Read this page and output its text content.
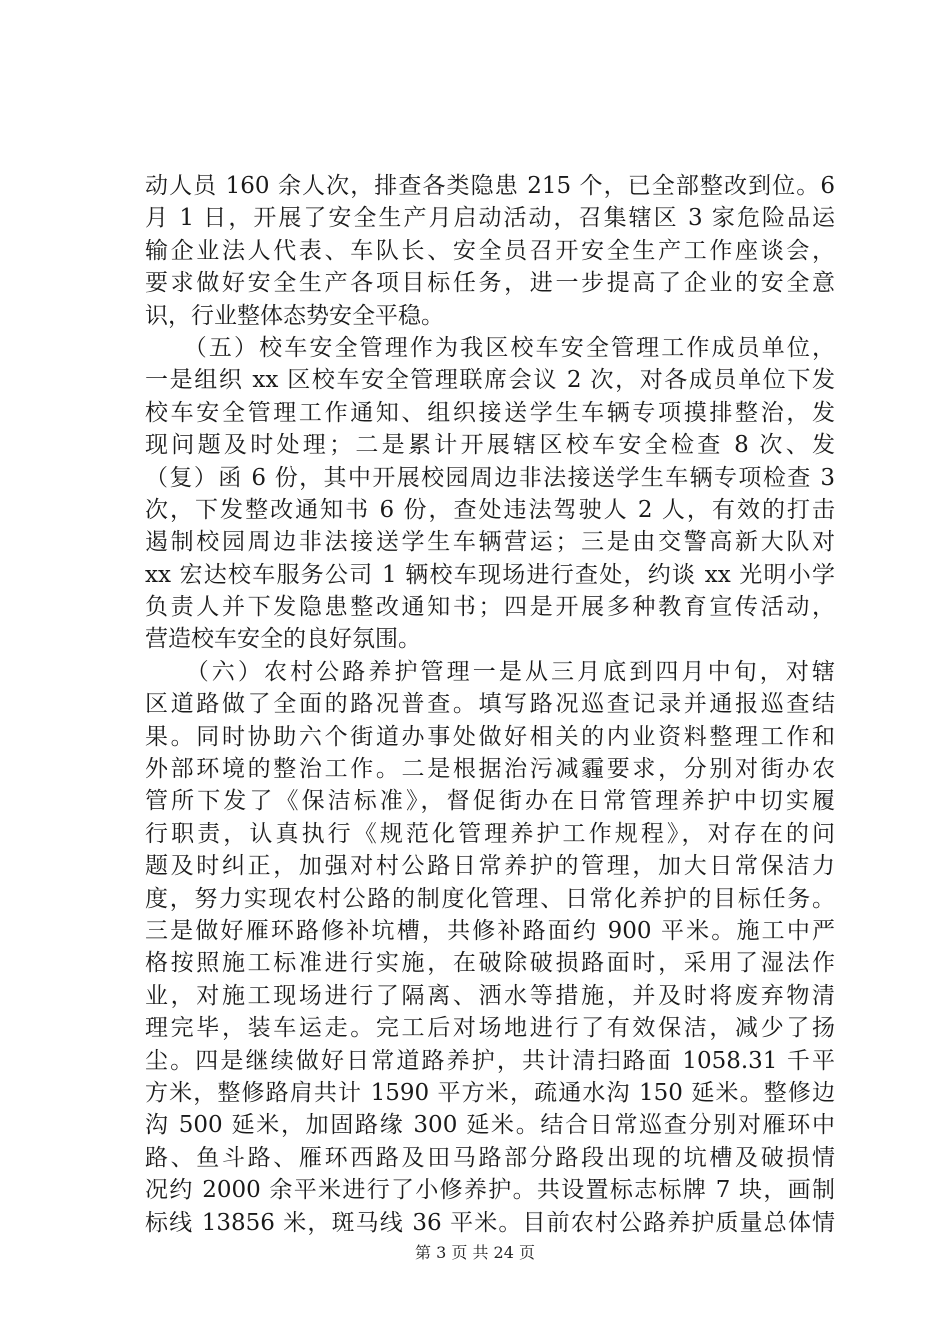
动人员 160 余人次，排查各类隐患 215 个，已全部整改到位。6
月 1 日，开展了安全生产月启动活动，召集辖区 3 家危险品运
输企业法人代表、车队长、安全员召开安全生产工作座谈会，
要求做好安全生产各项目标任务，进一步提高了企业的安全意
识，行业整体态势安全平稳。
　　（五）校车安全管理作为我区校车安全管理工作成员单位，
一是组织 xx 区校车安全管理联席会议 2 次，对各成员单位下发
校车安全管理工作通知、组织接送学生车辆专项摸排整治，发
现问题及时处理；二是累计开展辖区校车安全检查 8 次、发
（复）函 6 份，其中开展校园周边非法接送学生车辆专项检查 3
次，下发整改通知书 6 份，查处违法驾驶人 2 人，有效的打击
遏制校园周边非法接送学生车辆营运；三是由交警高新大队对
xx 宏达校车服务公司 1 辆校车现场进行查处，约谈 xx 光明小学
负责人并下发隐患整改通知书；四是开展多种教育宣传活动，
营造校车安全的良好氛围。
　　（六）农村公路养护管理一是从三月底到四月中旬，对辖
区道路做了全面的路况普查。填写路况巡查记录并通报巡查结
果。同时协助六个街道办事处做好相关的内业资料整理工作和
外部环境的整治工作。二是根据治污减霾要求，分别对街办农
管所下发了《保洁标准》，督促街办在日常管理养护中切实履
行职责，认真执行《规范化管理养护工作规程》，对存在的问
题及时纠正，加强对村公路日常养护的管理，加大日常保洁力
度，努力实现农村公路的制度化管理、日常化养护的目标任务。
三是做好雁环路修补坑槽，共修补路面约 900 平米。施工中严
格按照施工标准进行实施，在破除破损路面时，采用了湿法作
业，对施工现场进行了隔离、洒水等措施，并及时将废弃物清
理完毕，装车运走。完工后对场地进行了有效保洁，减少了扬
尘。四是继续做好日常道路养护，共计清扫路面 1058.31 千平
方米，整修路肩共计 1590 平方米，疏通水沟 150 延米。整修边
沟 500 延米，加固路缘 300 延米。结合日常巡查分别对雁环中
路、鱼斗路、雁环西路及田马路部分路段出现的坑槽及破损情
况约 2000 余平米进行了小修养护。共设置标志标牌 7 块，画制
标线 13856 米，斑马线 36 平米。目前农村公路养护质量总体情
第 3 页 共 24 页
